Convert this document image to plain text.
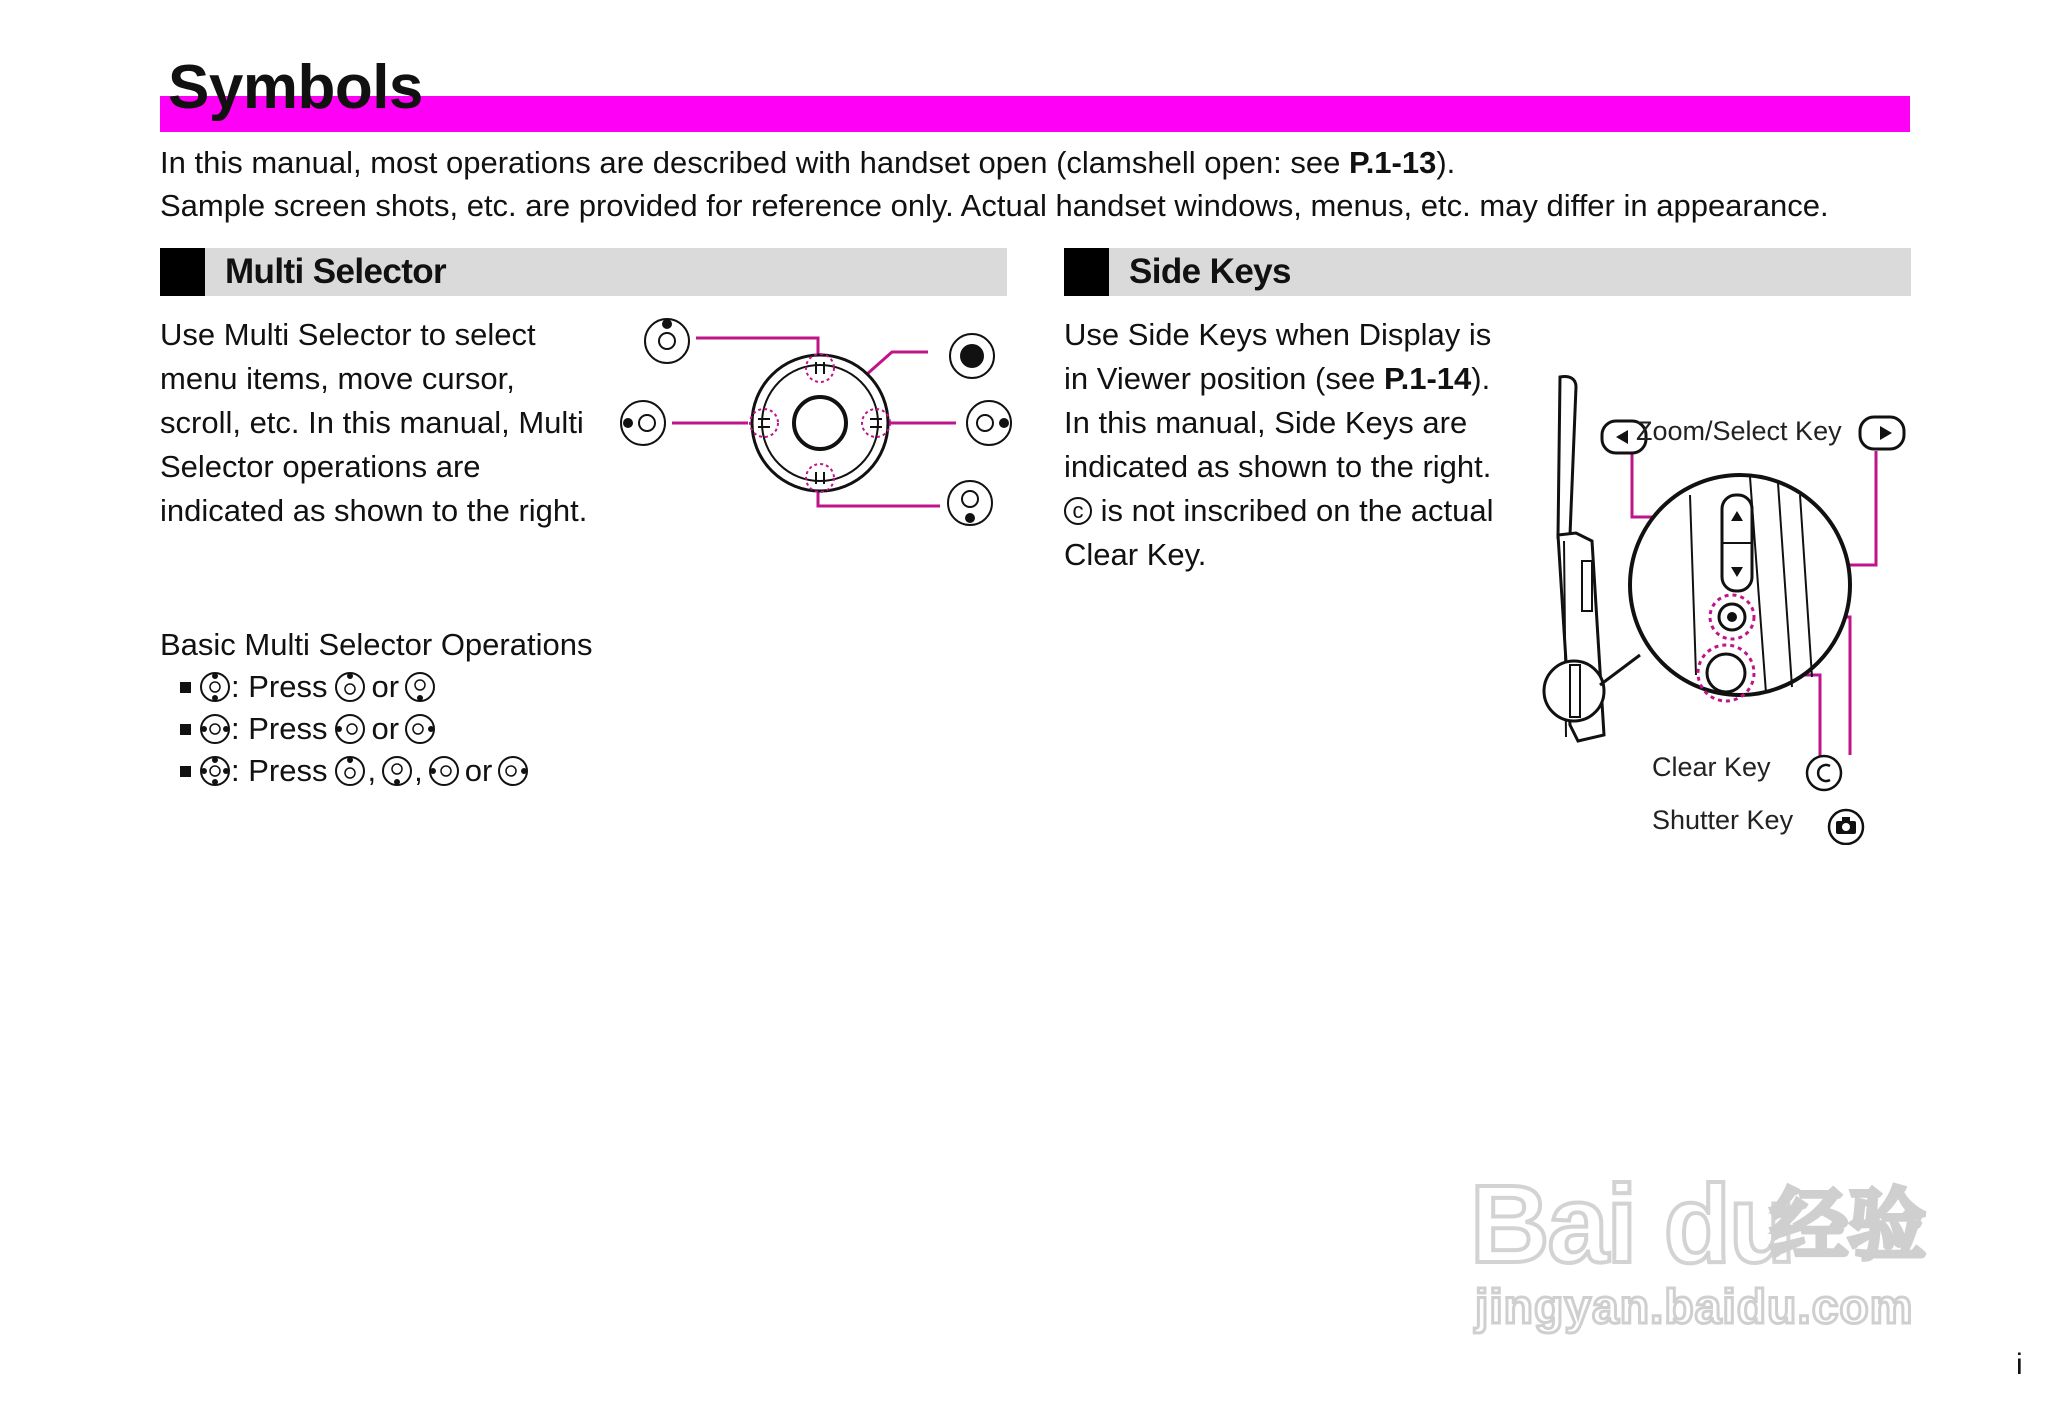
Symbols
In this manual, most operations are described with handset open (clamshell open: see P.1-13).
Sample screen shots, etc. are provided for reference only. Actual handset windows, menus, etc. may differ in appearance.
Multi Selector
Use Multi Selector to select
menu items, move cursor,
scroll, etc. In this manual, Multi
Selector operations are
indicated as shown to the right.
Basic Multi Selector Operations
: Press or
: Press or
: Press , , or
Side Keys
Use Side Keys when Display is
in Viewer position (see P.1-14).
In this manual, Side Keys are
indicated as shown to the right.
c is not inscribed on the actual
Clear Key.
Zoom/Select Key
Clear Key
Shutter Key
Bai du
经验
jingyan.baidu.com
i
